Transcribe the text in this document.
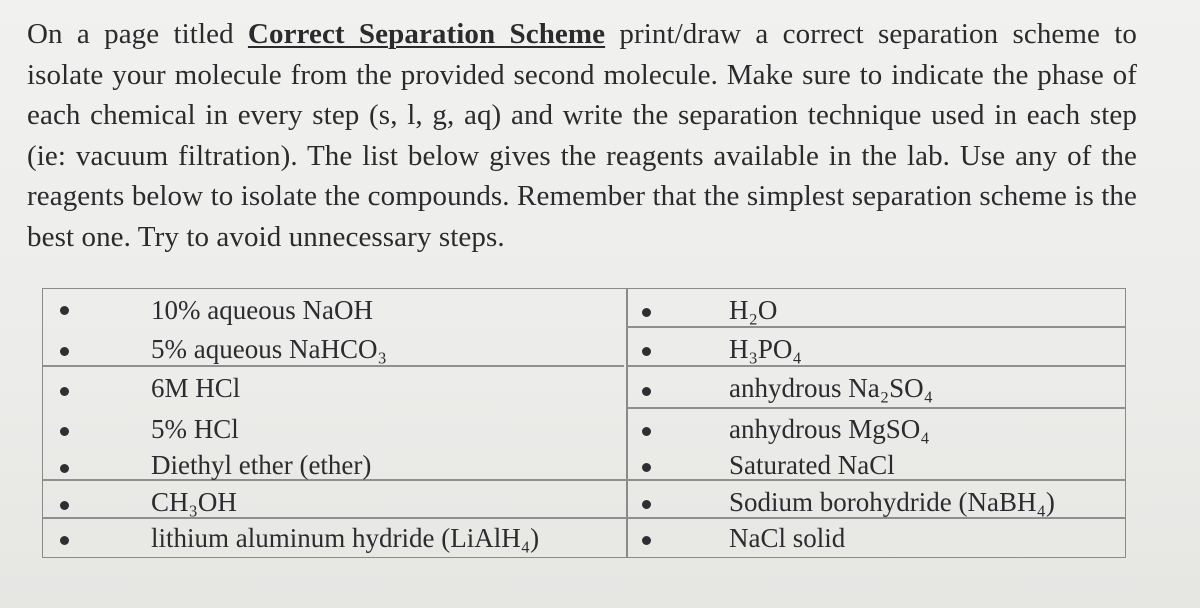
On a page titled Correct Separation Scheme print/draw a correct separation scheme to isolate your molecule from the provided second molecule. Make sure to indicate the phase of each chemical in every step (s, l, g, aq) and write the separation technique used in each step (ie: vacuum filtration). The list below gives the reagents available in the lab. Use any of the reagents below to isolate the compounds. Remember that the simplest separation scheme is the best one. Try to avoid unnecessary steps.
10% aqueous NaOH	H₂O
5% aqueous NaHCO₃	H₃PO₄
6M HCl	anhydrous Na₂SO₄
5% HCl	anhydrous MgSO₄
Diethyl ether (ether)	Saturated NaCl
CH₃OH	Sodium borohydride (NaBH₄)
lithium aluminum hydride (LiAlH₄)	NaCl solid
